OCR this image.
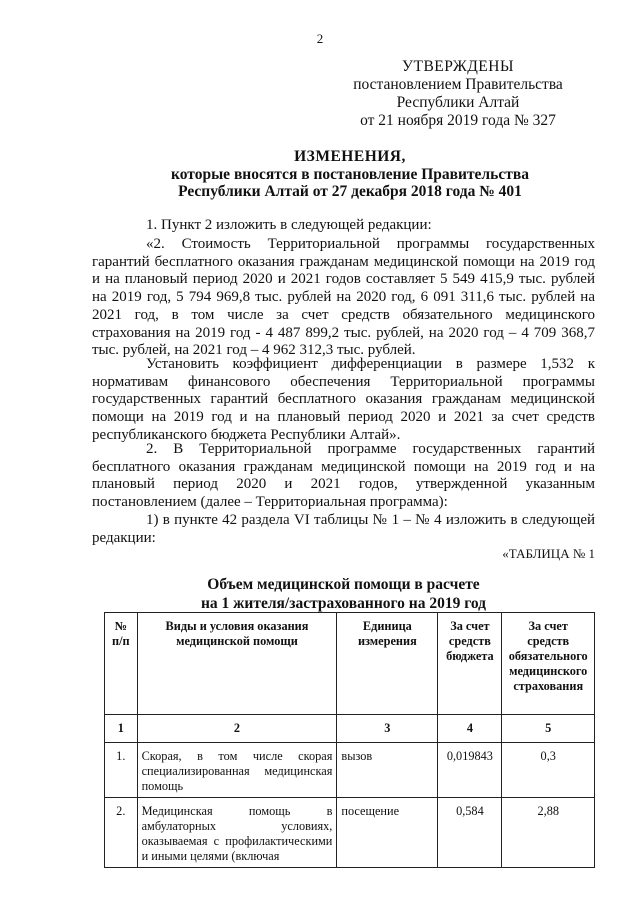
2
УТВЕРЖДЕНЫ
постановлением Правительства
Республики Алтай
от 21 ноября 2019 года № 327
ИЗМЕНЕНИЯ,
которые вносятся в постановление Правительства
Республики Алтай от 27 декабря 2018 года № 401
1. Пункт 2 изложить в следующей редакции:
«2. Стоимость Территориальной программы государственных гарантий бесплатного оказания гражданам медицинской помощи на 2019 год и на плановый период 2020 и 2021 годов составляет 5 549 415,9 тыс. рублей на 2019 год, 5 794 969,8 тыс. рублей на 2020 год, 6 091 311,6 тыс. рублей на 2021 год, в том числе за счет средств обязательного медицинского страхования на 2019 год - 4 487 899,2 тыс. рублей, на 2020 год – 4 709 368,7 тыс. рублей, на 2021 год – 4 962 312,3 тыс. рублей.
Установить коэффициент дифференциации в размере 1,532 к нормативам финансового обеспечения Территориальной программы государственных гарантий бесплатного оказания гражданам медицинской помощи на 2019 год и на плановый период 2020 и 2021 за счет средств республиканского бюджета Республики Алтай».
2. В Территориальной программе государственных гарантий бесплатного оказания гражданам медицинской помощи на 2019 год и на плановый период 2020 и 2021 годов, утвержденной указанным постановлением (далее – Территориальная программа):
1) в пункте 42 раздела VI таблицы № 1 – № 4 изложить в следующей редакции:
«ТАБЛИЦА № 1
Объем медицинской помощи в расчете
на 1 жителя/застрахованного на 2019 год
№ п/п	Виды и условия оказания медицинской помощи	Единица измерения	За счет средств бюджета	За счет средств обязательного медицинского страхования
1	2	3	4	5
1.	Скорая, в том числе скорая специализированная медицинская помощь	вызов	0,019843	0,3
2.	Медицинская помощь в амбулаторных условиях, оказываемая с профилактическими и иными целями (включая	посещение	0,584	2,88
